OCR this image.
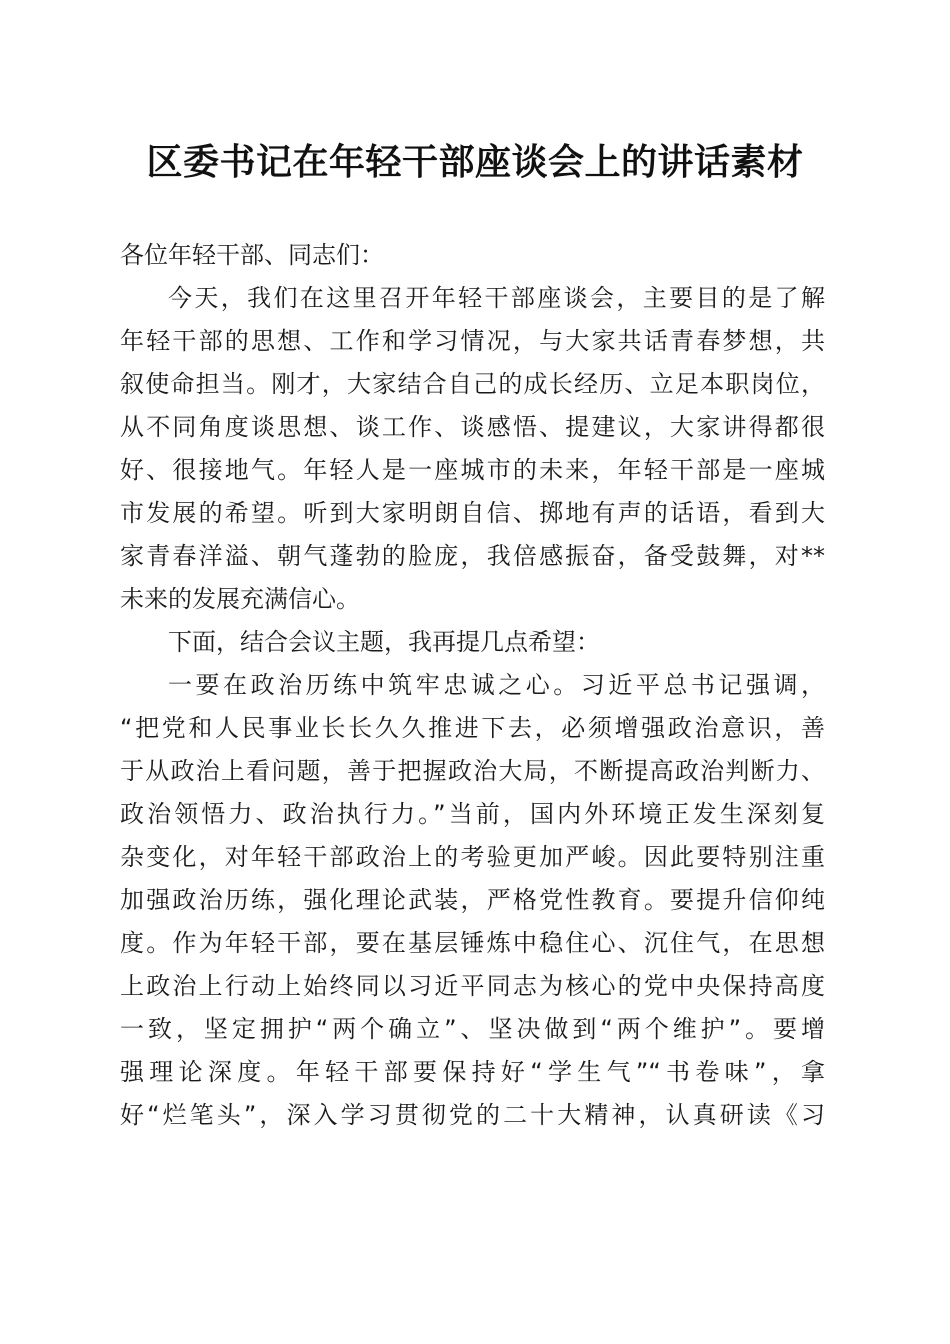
区委书记在年轻干部座谈会上的讲话素材

各位年轻干部、同志们：

今天，我们在这里召开年轻干部座谈会，主要目的是了解

年轻干部的思想、工作和学习情况，与大家共话青春梦想，共

叙使命担当。刚才，大家结合自己的成长经历、立足本职岗位，

从不同角度谈思想、谈工作、谈感悟、提建议，大家讲得都很

好、很接地气。年轻人是一座城市的未来，年轻干部是一座城

市发展的希望。听到大家明朗自信、掷地有声的话语，看到大

家青春洋溢、朝气蓬勃的脸庞，我倍感振奋，备受鼓舞，对**

未来的发展充满信心。

下面，结合会议主题，我再提几点希望：

一要在政治历练中筑牢忠诚之心。习近平总书记强调，

“把党和人民事业长长久久推进下去，必须增强政治意识，善

于从政治上看问题，善于把握政治大局，不断提高政治判断力、

政治领悟力、政治执行力。”当前，国内外环境正发生深刻复

杂变化，对年轻干部政治上的考验更加严峻。因此要特别注重

加强政治历练，强化理论武装，严格党性教育。要提升信仰纯

度。作为年轻干部，要在基层锤炼中稳住心、沉住气，在思想

上政治上行动上始终同以习近平同志为核心的党中央保持高度

一致，坚定拥护“两个确立”、坚决做到“两个维护”。要增

强理论深度。年轻干部要保持好“学生气”“书卷味”，拿

好“烂笔头”，深入学习贯彻党的二十大精神，认真研读《习
